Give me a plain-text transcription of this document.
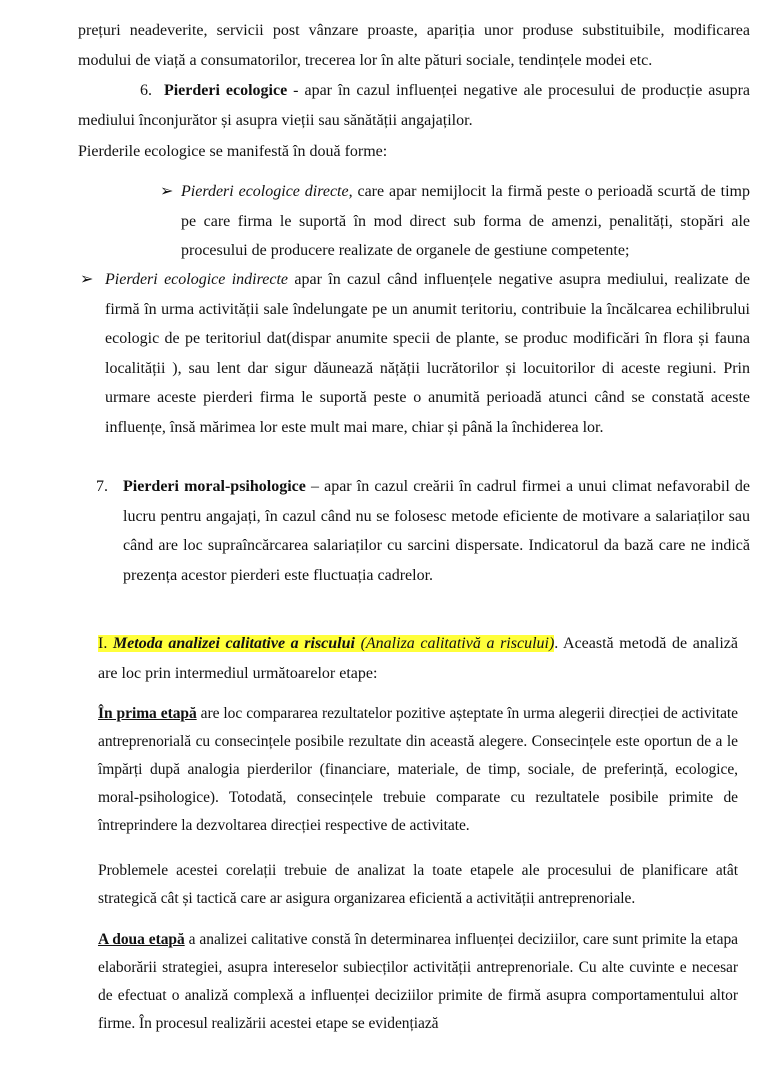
prețuri neadeverite, servicii post vânzare proaste, apariția unor produse substituibile, modificarea modului de viață a consumatorilor, trecerea lor în alte pături sociale, tendințele modei etc.

6. Pierderi ecologice - apar în cazul influenței negative ale procesului de producție asupra mediului înconjurător și asupra vieții sau sănătății angajaților.

Pierderile ecologice se manifestă în două forme:

➢ Pierderi ecologice directe, care apar nemijlocit la firmă peste o perioadă scurtă de timp pe care firma le suportă în mod direct sub forma de amenzi, penalități, stopări ale procesului de producere realizate de organele de gestiune competente;

➢ Pierderi ecologice indirecte apar în cazul când influențele negative asupra mediului, realizate de firmă în urma activității sale îndelungate pe un anumit teritoriu, contribuie la încălcarea echilibrului ecologic de pe teritoriul dat(dispar anumite specii de plante, se produc modificări în flora și fauna localității ), sau lent dar sigur dăunează nățății lucrătorilor și locuitorilor di aceste regiuni. Prin urmare aceste pierderi firma le suportă peste o anumită perioadă atunci când se constată aceste influențe, însă mărimea lor este mult mai mare, chiar și până la închiderea lor.

7. Pierderi moral-psihologice – apar în cazul creării în cadrul firmei a unui climat nefavorabil de lucru pentru angajați, în cazul când nu se folosesc metode eficiente de motivare a salariaților sau când are loc supraîncărcarea salariaților cu sarcini dispersate. Indicatorul da bază care ne indică prezența acestor pierderi este fluctuația cadrelor.

I. Metoda analizei calitative a riscului (Analiza calitativă a riscului). Această metodă de analiză are loc prin intermediul următoarelor etape:

În prima etapă are loc compararea rezultatelor pozitive așteptate în urma alegerii direcției de activitate antreprenorială cu consecințele posibile rezultate din această alegere. Consecințele este oportun de a le împărți după analogia pierderilor (financiare, materiale, de timp, sociale, de preferință, ecologice, moral-psihologice). Totodată, consecințele trebuie comparate cu rezultatele posibile primite de întreprindere la dezvoltarea direcției respective de activitate.

Problemele acestei corelații trebuie de analizat la toate etapele ale procesului de planificare atât strategică cât și tactică care ar asigura organizarea eficientă a activității antreprenoriale.

A doua etapă a analizei calitative constă în determinarea influenței deciziilor, care sunt primite la etapa elaborării strategiei, asupra intereselor subiecților activității antreprenoriale. Cu alte cuvinte e necesar de efectuat o analiză complexă a influenței deciziilor primite de firmă asupra comportamentului altor firme. În procesul realizării acestei etape se evidențiază
